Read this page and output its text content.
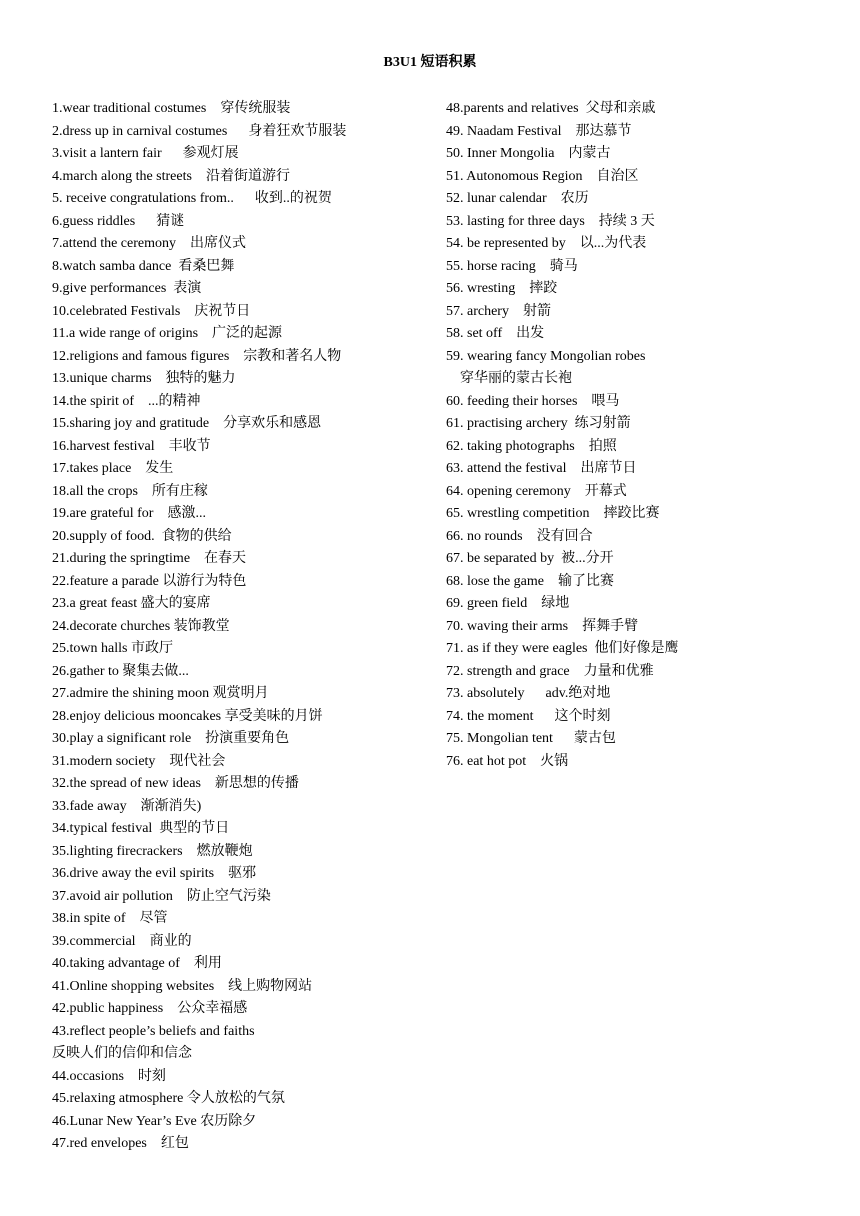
B3U1 短语积累
1.wear traditional costumes    穿传统服装
2.dress up in carnival costumes      身着狂欢节服装
3.visit a lantern fair      参观灯展
4.march along the streets    沿着街道游行
5. receive congratulations from..      收到..的祝贺
6.guess riddles      猜谜
7.attend the ceremony    出席仪式
8.watch samba dance  看桑巴舞
9.give performances  表演
10.celebrated Festivals    庆祝节日
11.a wide range of origins    广泛的起源
12.religions and famous figures    宗教和著名人物
13.unique charms    独特的魅力
14.the spirit of    ...的精神
15.sharing joy and gratitude    分享欢乐和感恩
16.harvest festival    丰收节
17.takes place    发生
18.all the crops    所有庄稼
19.are grateful for    感激...
20.supply of food.  食物的供给
21.during the springtime    在春天
22.feature a parade 以游行为特色
23.a great feast 盛大的宴席
24.decorate churches 装饰教堂
25.town halls 市政厅
26.gather to 聚集去做...
27.admire the shining moon 观赏明月
28.enjoy delicious mooncakes 享受美味的月饼
30.play a significant role    扮演重要角色
31.modern society    现代社会
32.the spread of new ideas    新思想的传播
33.fade away    渐渐消失)
34.typical festival  典型的节日
35.lighting firecrackers    燃放鞭炮
36.drive away the evil spirits    驱邪
37.avoid air pollution    防止空气污染
38.in spite of    尽管
39.commercial    商业的
40.taking advantage of    利用
41.Online shopping websites    线上购物网站
42.public happiness    公众幸福感
43.reflect people’s beliefs and faiths
反映人们的信仰和信念
44.occasions    时刻
45.relaxing atmosphere 令人放松的气氛
46.Lunar New Year’s Eve 农历除夕
47.red envelopes    红包
48.parents and relatives  父母和亲戚
49. Naadam Festival    那达慕节
50. Inner Mongolia    内蒙古
51. Autonomous Region    自治区
52. lunar calendar    农历
53. lasting for three days    持续 3 天
54. be represented by    以...为代表
55. horse racing    骑马
56. wresting    摔跤
57. archery    射箭
58. set off    出发
59. wearing fancy Mongolian robes
穿华丽的蒙古长袍
60. feeding their horses    喂马
61. practising archery  练习射箭
62. taking photographs    拍照
63. attend the festival    出席节日
64. opening ceremony    开幕式
65. wrestling competition    摔跤比赛
66. no rounds    没有回合
67. be separated by  被...分开
68. lose the game    输了比赛
69. green field    绿地
70. waving their arms    挥舞手臂
71. as if they were eagles  他们好像是鹰
72. strength and grace    力量和优雅
73. absolutely      adv.绝对地
74. the moment      这个时刻
75. Mongolian tent      蒙古包
76. eat hot pot    火锅
